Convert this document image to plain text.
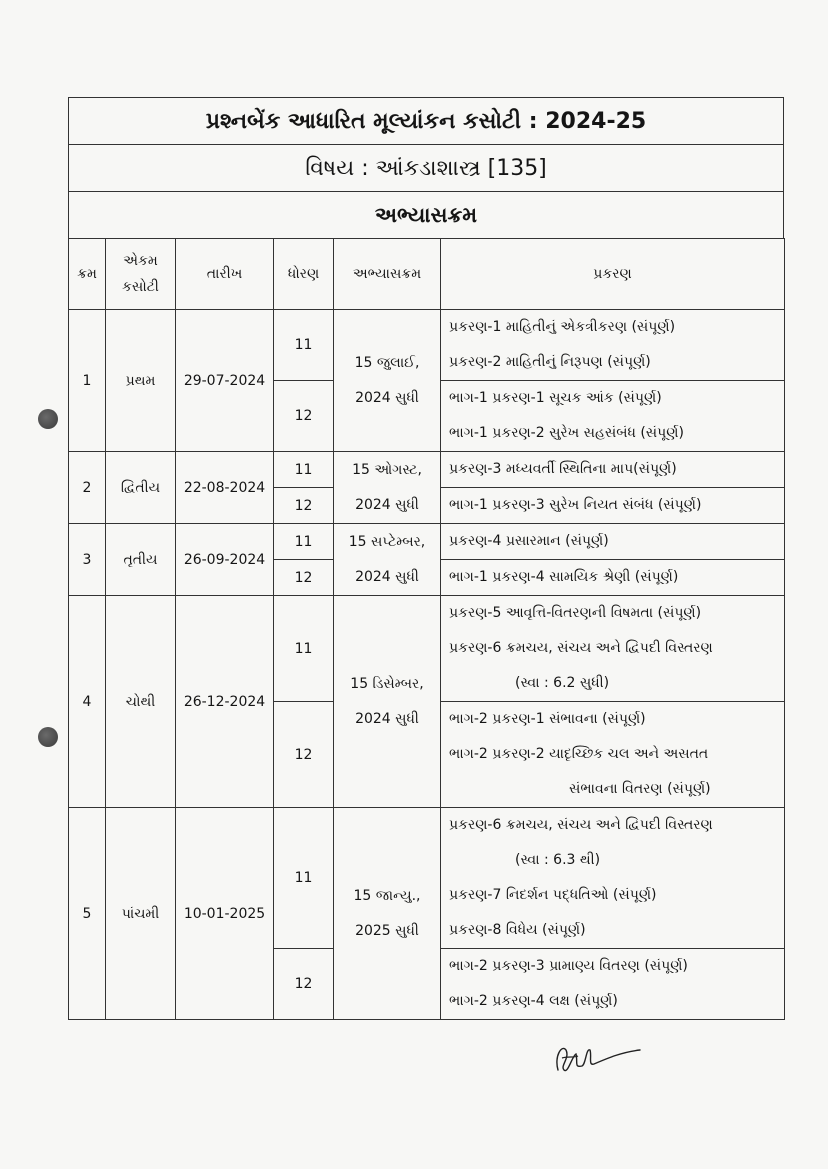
પ્રશ્નબેંક આધારિત મૂલ્યાંકન કસોટી : 2024-25
વિષય : આંકડાશાસ્ત્ર [135]
અભ્યાસક્રમ
ક્રમ	એકમ કસોટી	તારીખ	ધોરણ	અભ્યાસક્રમ	પ્રકરણ
1	પ્રથમ	29-07-2024	11	15 જુલાઈ,
2024 સુધી	પ્રકરણ-1 માહિતીનું એકત્રીકરણ (સંપૂર્ણ)
પ્રકરણ-2 માહિતીનું નિરૂપણ (સંપૂર્ણ)

			12		ભાગ-1 પ્રકરણ-1 સૂચક આંક (સંપૂર્ણ)
ભાગ-1 પ્રકરણ-2 સુરેખ સહસંબંધ (સંપૂર્ણ)

2	દ્વિતીય	22-08-2024	11	15 ઓગસ્ટ,
2024 સુધી	પ્રકરણ-3 મધ્યવર્તી સ્થિતિના માપ(સંપૂર્ણ)

			12		ભાગ-1 પ્રકરણ-3 સુરેખ નિયત સંબંધ (સંપૂર્ણ)

3	તૃતીય	26-09-2024	11	15 સપ્ટેમ્બર,
2024 સુધી	પ્રકરણ-4 પ્રસારમાન (સંપૂર્ણ)

			12		ભાગ-1 પ્રકરણ-4 સામયિક શ્રેણી (સંપૂર્ણ)

4	ચોથી	26-12-2024	11	15 ડિસેમ્બર,
2024 સુધી	પ્રકરણ-5 આવૃત્તિ-વિતરણની વિષમતા (સંપૂર્ણ)
પ્રકરણ-6 ક્રમચય, સંચય અને દ્વિપદી વિસ્તરણ
(સ્વા : 6.2 સુધી)

			12		ભાગ-2 પ્રકરણ-1 સંભાવના (સંપૂર્ણ)
ભાગ-2 પ્રકરણ-2 યાદૃચ્છિક ચલ અને અસતત
સંભાવના વિતરણ (સંપૂર્ણ)

5	પાંચમી	10-01-2025	11	15 જાન્યુ.,
2025 સુધી	પ્રકરણ-6 ક્રમચય, સંચય અને દ્વિપદી વિસ્તરણ
(સ્વા : 6.3 થી)
પ્રકરણ-7 નિદર્શન પદ્ધતિઓ (સંપૂર્ણ)
પ્રકરણ-8 વિધેય (સંપૂર્ણ)

			12		ભાગ-2 પ્રકરણ-3 પ્રામાણ્ય વિતરણ (સંપૂર્ણ)
ભાગ-2 પ્રકરણ-4 લક્ષ (સંપૂર્ણ)
